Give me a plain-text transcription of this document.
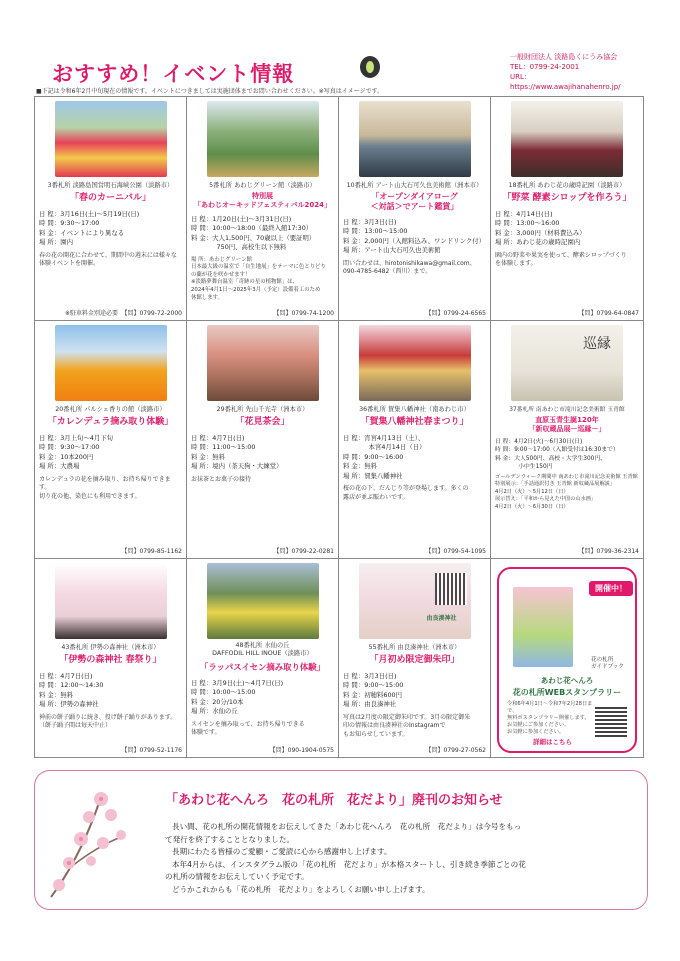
おすすめ！イベント情報
一般財団法人 淡路島くにうみ協会
TEL：0799-24-2001
URL：
https://www.awajihanahenro.jp/
■下記は令和6年2月中旬現在の情報です。イベントにつきましては実施団体までお問い合わせください。※写真はイメージです。
3番札所 淡路島国営明石海峡公園（淡路市）
「春のカーニバル」
日 程：3月16日(土)～5月19日(日)
時 間：9:30～17:00
料 金：イベントにより異なる
場 所：園内
春の花の開花に合わせて、期間中の週末には様々な
体験イベントを開催。
※駐車料金別途必要 【問】0799-72-2000
5番札所 あわじグリーン館（淡路市）
特別展
「あわじオーキッドフェスティバル2024」
日 程：1月20日(土)～3月31日(日)
時 間：10:00～18:00（最終入館17:30）
料 金：大人1,500円、70歳以上（要証明）
　　　　750円、高校生以下無料
場 所：あわじグリーン館
日本最大級の温室で「自生地展」をテーマに色とりどり
の蘭が花を咲かせます！
※淡路夢舞台温室「奇跡の星の植物館」は、
2024年4月1日～2025年3月（予定）設備着工のため
休館します。
【問】0799-74-1200
10番札所 アート山大石可久也美術館（洲本市）
「オープンダイアローグ
＜対話＞でアート鑑賞」
日 程：3月3日(日)
時 間：13:00～15:00
料 金：2,000円（入館料込み、ワンドリンク付）
場 所：アート山大石可久也美術館
問い合わせは、hirotonishikawa@gmail.com、
090-4785-6482（西川）まで。
【問】0799-24-6565
18番札所 あわじ花の歳時記園（淡路市）
「野菜 酵素シロップを作ろう」
日 程：4月14日(日)
時 間：13:00～16:00
料 金：3,000円（材料費込み）
場 所：あわじ花の歳時記園内
園内の野菜や果実を使って、酵素シロップづくり
を体験します。
【問】0799-64-0847
20番札所 パルシェ香りの館（淡路市）
「カレンデュラ摘み取り体験」
日 程：3月上旬～4月下旬
時 間：9:30～17:00
料 金：10本200円
場 所：大農場
カレンデュラの花を摘み取り、お持ち帰りできます。
切り花の他、染色にも利用できます。
【問】0799-85-1162
29番札所 先山千光寺（洲本市）
「花見茶会」
日 程：4月7日(日)
時 間：11:00～15:00
料 金：無料
場 所：境内（茶天狗・大練堂）
お抹茶とお菓子の接待
【問】0799-22-0281
36番札所 賀集八幡神社（南あわじ市）
「賀集八幡神社春まつり」
日 程：宵宮4月13日（土）、
　　　　本宮4月14日（日）
時 間：9:00～16:00
料 金：無料
場 所：賀集八幡神社
桜の花の下、だんじり等が登場します。多くの
露店が並ぶ賑わいです。
【問】0799-54-1095
巡縁
37番札所 南あわじ市滝川記念美術館 玉青館
直原玉青生誕120年
「新収蔵品展－巡縁－」
日 程：4月2日(火)～6月30日(日)
時 間：9:00～17:00（入館受付は16:30まで）
料 金：大人500円、高校・大学生300円、
　　　　小中生150円
ゴールデンウィーク期間中 南あわじ市滝川記念美術館 玉青館
特別展示：「手話通訳付き 玉青館 新収蔵品展解説」
4月2日（火）～5月12日（日）
展示替え：「平和から見えた中国の山水画」
4月2日（火）～6月30日（日）
【問】0799-36-2314
43番札所 伊勢の森神社（洲本市）
「伊勢の森神社 春祭り」
日 程：4月7日(日)
時 間：12:00～14:30
料 金：無料
場 所：伊勢の森神社
神前の餅子踊りに続き、投げ餅子踊りがあります。
（餅子踊子間は毎天中止）
【問】0799-52-1176
48番札所 水仙の丘
DAFFODIL HILL INOUE（淡路市）
「ラッパスイセン摘み取り体験」
日 程：3月9日(土)～4月7日(日)
時 間：10:00～15:00
料 金：20分/10本
場 所：水仙の丘
スイセンを摘み取って、お持ち帰りできる
体験です。
【問】090-1904-0575
由良湊神社
55番札所 由良湊神社（洲本市）
「月初め限定御朱印」
日 程：3月3日(日)
時 間：9:00～15:00
料 金：初穂料600円
場 所：由良湊神社
写真は2月度の限定御朱印です。3月の限定御朱
印の情報は由良湊神社のInstagramで
もお知らせしています。
【問】0799-27-0562
開催中！
花の札所
ガイドブック
あわじ花へんろ
花の札所WEBスタンプラリー
令和6年4月1日～令和7年2月28日まで、
無料ポスタンプラリー開催します。
お気軽にご参加ください。
お気軽に参加ください。
詳細はこちら
「あわじ花へんろ　花の札所　花だより」廃刊のお知らせ

長い間、花の札所の開花情報をお伝えしてきた「あわじ花へんろ　花の札所　花だより」は今号をもっ

て発行を終了することとなりました。

長期にわたる皆様のご愛顧・ご愛読に心から感謝申し上げます。

本年4月からは、インスタグラム版の「花の札所　花だより」が本格スタートし、引き続き季節ごとの花

の札所の情報をお伝えしていく予定です。

どうかこれからも「花の札所　花だより」をよろしくお願い申し上げます。
